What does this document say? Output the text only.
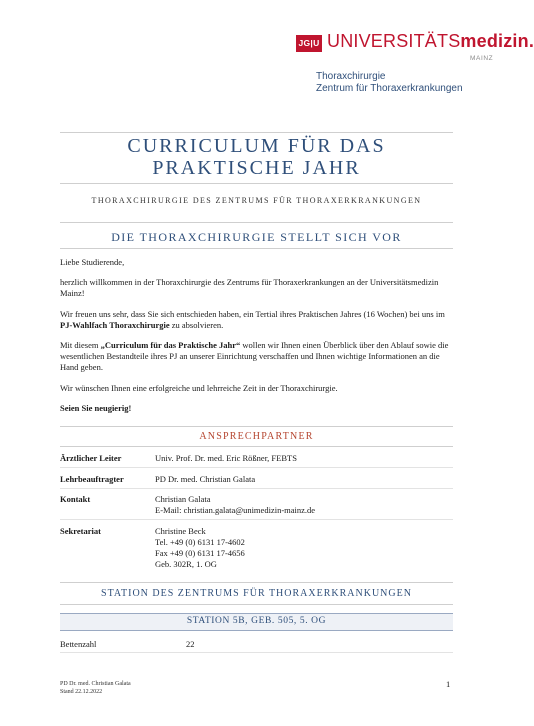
JG|U UNIVERSITÄTSmedizin.
MAINZ
Thoraxchirurgie
Zentrum für Thoraxerkrankungen
CURRICULUM FÜR DAS
PRAKTISCHE JAHR
THORAXCHIRURGIE DES ZENTRUMS FÜR THORAXERKRANKUNGEN
DIE THORAXCHIRURGIE STELLT SICH VOR

Liebe Studierende,

herzlich willkommen in der Thoraxchirurgie des Zentrums für Thoraxerkrankungen an der Universitätsmedizin Mainz!

Wir freuen uns sehr, dass Sie sich entschieden haben, ein Tertial ihres Praktischen Jahres (16 Wochen) bei uns im PJ-Wahlfach Thoraxchirurgie zu absolvieren.

Mit diesem „Curriculum für das Praktische Jahr“ wollen wir Ihnen einen Überblick über den Ablauf sowie die wesentlichen Bestandteile ihres PJ an unserer Einrichtung verschaffen und Ihnen wichtige Informationen an die Hand geben.

Wir wünschen Ihnen eine erfolgreiche und lehrreiche Zeit in der Thoraxchirurgie.

Seien Sie neugierig!

ANSPRECHPARTNER
Ärztlicher Leiter	Univ. Prof. Dr. med. Eric Rößner, FEBTS
Lehrbeauftragter	PD Dr. med. Christian Galata
Kontakt	Christian Galata
E-Mail: christian.galata@unimedizin-mainz.de
Sekretariat	Christine Beck
Tel. +49 (0) 6131 17-4602
Fax +49 (0) 6131 17-4656
Geb. 302R, 1. OG
STATION DES ZENTRUMS FÜR THORAXERKRANKUNGEN
STATION 5B, GEB. 505, 5. OG
Bettenzahl	22
PD Dr. med. Christian Galata
Stand 22.12.2022
1
